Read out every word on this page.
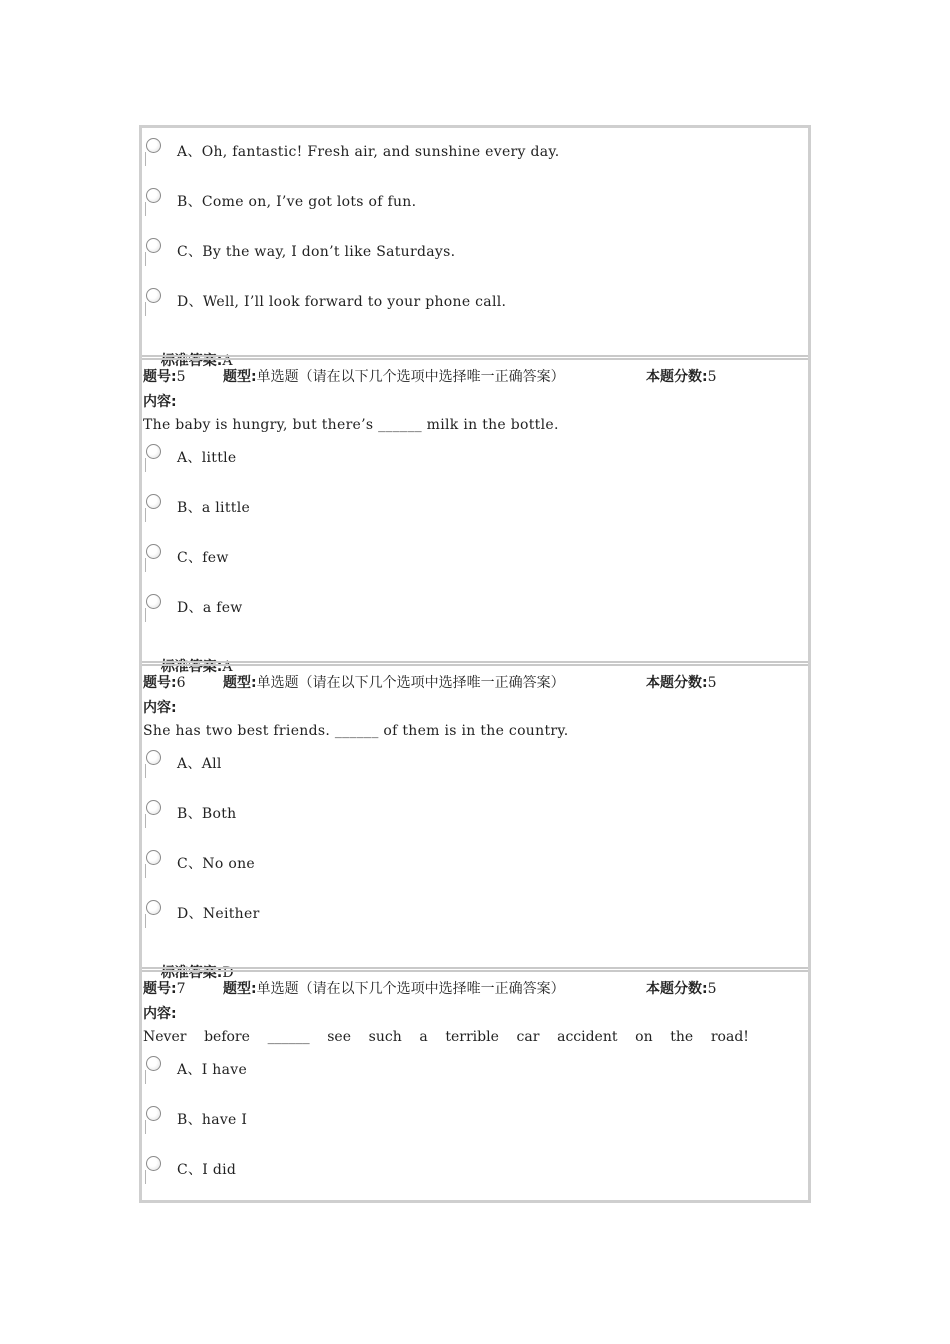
A、Oh, fantastic! Fresh air, and sunshine every day.
B、Come on, I’ve got lots of fun.
C、By the way, I don’t like Saturdays.
D、Well, I’ll look forward to your phone call.

标准答案:A

题号:5

	题型:单选题（请在以下几个选项中选择唯一正确答案）

	本题分数:5

内容:
The baby is hungry, but there’s ______ milk in the bottle.
A、little
B、a little
C、few
D、a few

标准答案:A

题号:6

	题型:单选题（请在以下几个选项中选择唯一正确答案）

	本题分数:5

内容:
She has two best friends. ______ of them is in the country.
A、All
B、Both
C、No one
D、Neither

标准答案:D

题号:7

	题型:单选题（请在以下几个选项中选择唯一正确答案）

	本题分数:5

内容:
Never before ______ see such a terrible car accident on the road!
A、I have
B、have I
C、I did
